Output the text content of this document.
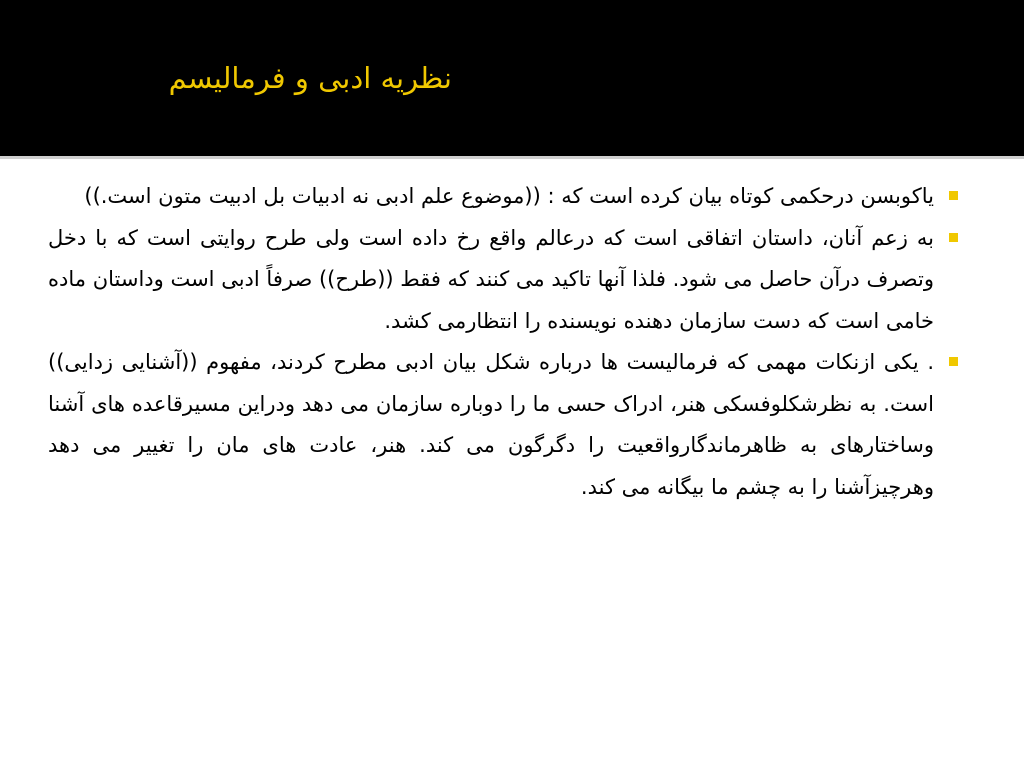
نظریه ادبی و فرمالیسم
یاکوبسن درحکمی کوتاه بیان کرده است که : ((موضوع علم ادبی نه ادبیات بل ادبیت متون است.))
به زعم آنان، داستان اتفاقی است که درعالم واقع رخ داده است ولی طرح روایتی است که با دخل وتصرف درآن حاصل می شود. فلذا آنها تاکید می کنند که فقط ((طرح)) صرفاً ادبی است وداستان ماده خامی است که دست سازمان دهنده نویسنده را انتظارمی کشد.
. یکی ازنکات مهمی که فرمالیست ها درباره شکل بیان ادبی مطرح کردند، مفهوم ((آشنایی زدایی)) است. به نظرشکلوفسکی هنر، ادراک حسی ما را دوباره سازمان می دهد ودراین مسیرقاعده های آشنا وساختارهای به ظاهرماندگارواقعیت را دگرگون می کند. هنر، عادت های مان را تغییر می دهد وهرچیزآشنا را به چشم ما بیگانه می کند.
